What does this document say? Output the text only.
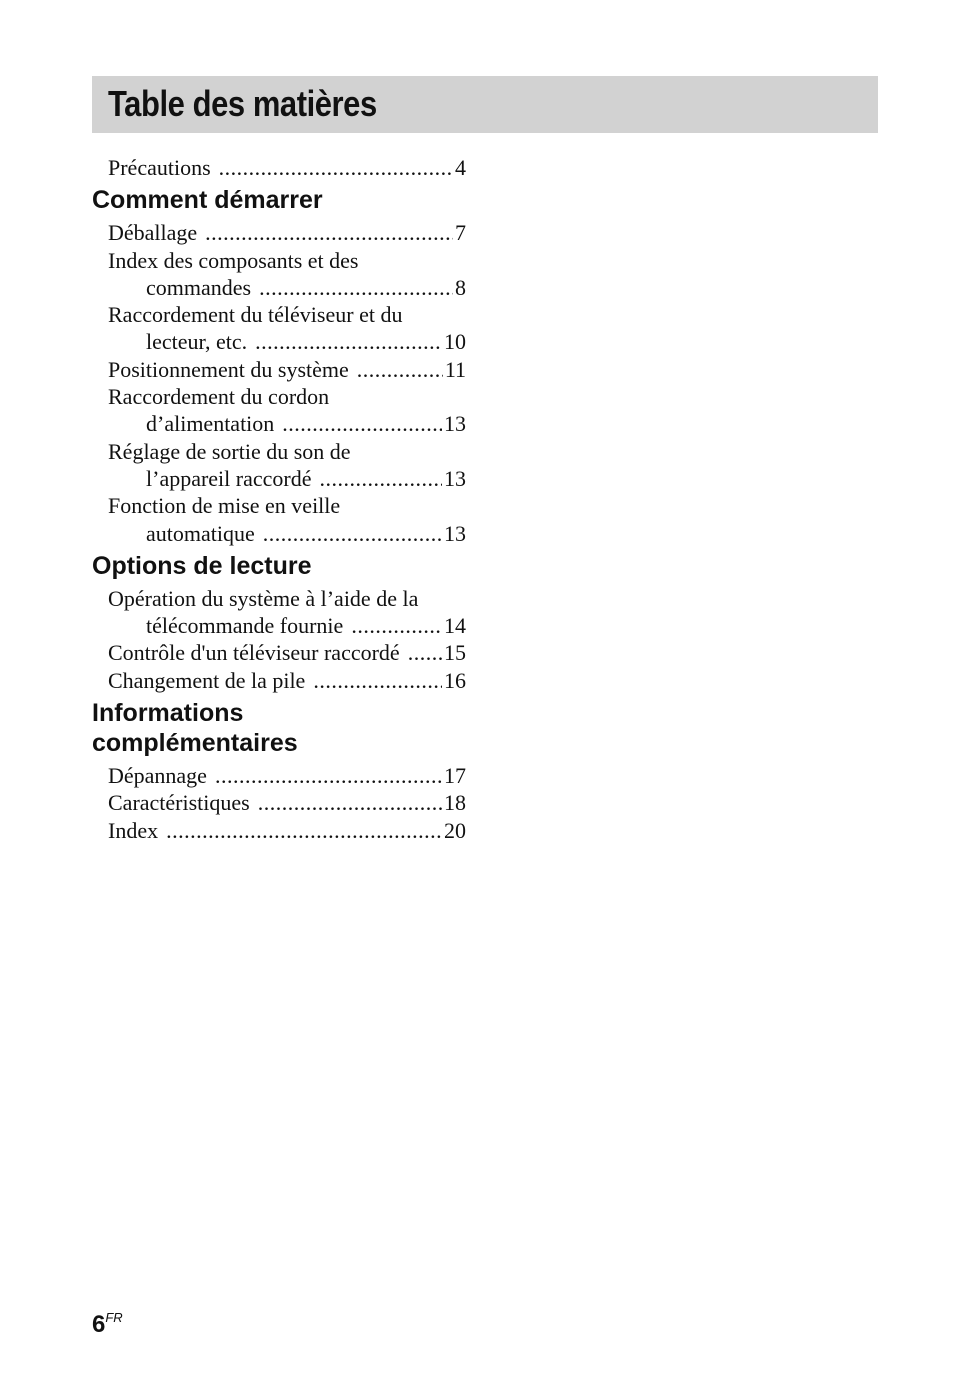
Table des matières
Précautions .....	4
Comment démarrer
Déballage .....	7
Index des composants et des
commandes .....	8
Raccordement du téléviseur et du
lecteur, etc. .....	10
Positionnement du système .....	11
Raccordement du cordon
d’alimentation .....	13
Réglage de sortie du son de
l’appareil raccordé .....	13
Fonction de mise en veille
automatique .....	13
Options de lecture
Opération du système à l’aide de la
télécommande fournie .....	14
Contrôle d'un téléviseur raccordé ..... 15
Changement de la pile .....	16
Informations
complémentaires
Dépannage .....	17
Caractéristiques .....	18
Index .....	20
$6^{FR}$
